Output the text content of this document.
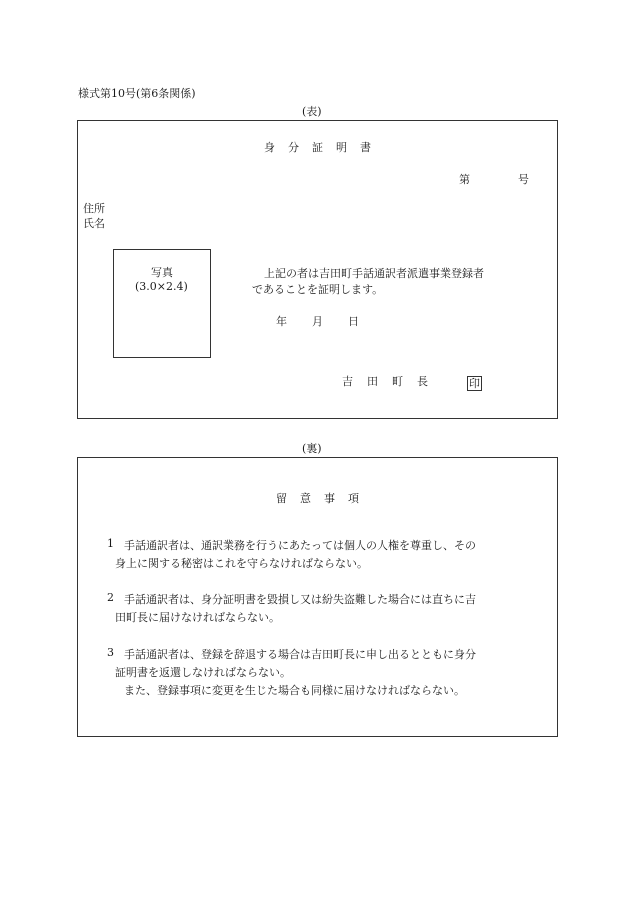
様式第10号(第6条関係)
(表)
身分証明書
第	号
住所
氏名
写真
(3.0×2.4)
上記の者は吉田町手話通訳者派遣事業登録者
であることを証明します。
年 月 日
吉田町長 印
(裏)
留意事項
1 手話通訳者は、通訳業務を行うにあたっては個人の人権を尊重し、その
身上に関する秘密はこれを守らなければならない。
2 手話通訳者は、身分証明書を毀損し又は紛失盗難した場合には直ちに吉
田町長に届けなければならない。
3 手話通訳者は、登録を辞退する場合は吉田町長に申し出るとともに身分
証明書を返還しなければならない。
また、登録事項に変更を生じた場合も同様に届けなければならない。
